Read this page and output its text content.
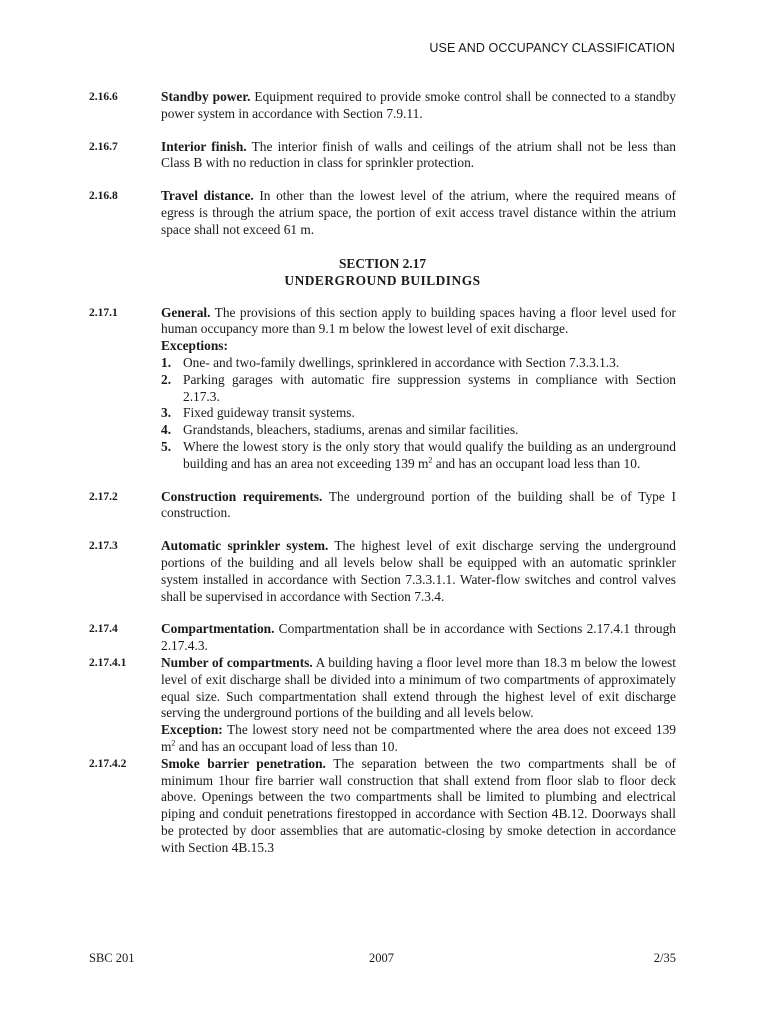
USE AND OCCUPANCY CLASSIFICATION
2.16.6	Standby power. Equipment required to provide smoke control shall be connected to a standby power system in accordance with Section 7.9.11.
2.16.7	Interior finish. The interior finish of walls and ceilings of the atrium shall not be less than Class B with no reduction in class for sprinkler protection.
2.16.8	Travel distance. In other than the lowest level of the atrium, where the required means of egress is through the atrium space, the portion of exit access travel distance within the atrium space shall not exceed 61 m.
SECTION 2.17
UNDERGROUND BUILDINGS
2.17.1	General. The provisions of this section apply to building spaces having a floor level used for human occupancy more than 9.1 m below the lowest level of exit discharge.
Exceptions:
1. One- and two-family dwellings, sprinklered in accordance with Section 7.3.3.1.3.
2. Parking garages with automatic fire suppression systems in compliance with Section 2.17.3.
3. Fixed guideway transit systems.
4. Grandstands, bleachers, stadiums, arenas and similar facilities.
5. Where the lowest story is the only story that would qualify the building as an underground building and has an area not exceeding 139 $m^2$ and has an occupant load less than 10.
2.17.2	Construction requirements. The underground portion of the building shall be of Type I construction.
2.17.3	Automatic sprinkler system. The highest level of exit discharge serving the underground portions of the building and all levels below shall be equipped with an automatic sprinkler system installed in accordance with Section 7.3.3.1.1. Water-flow switches and control valves shall be supervised in accordance with Section 7.3.4.
2.17.4	Compartmentation. Compartmentation shall be in accordance with Sections 2.17.4.1 through 2.17.4.3.
2.17.4.1	Number of compartments. A building having a floor level more than 18.3 m below the lowest level of exit discharge shall be divided into a minimum of two compartments of approximately equal size. Such compartmentation shall extend through the highest level of exit discharge serving the underground portions of the building and all levels below.
Exception: The lowest story need not be compartmented where the area does not exceed 139 $m^2$ and has an occupant load of less than 10.
2.17.4.2	Smoke barrier penetration. The separation between the two compartments shall be of minimum 1hour fire barrier wall construction that shall extend from floor slab to floor deck above. Openings between the two compartments shall be limited to plumbing and electrical piping and conduit penetrations firestopped in accordance with Section 4B.12. Doorways shall be protected by door assemblies that are automatic-closing by smoke detection in accordance with Section 4B.15.3
SBC 201	2007	2/35
